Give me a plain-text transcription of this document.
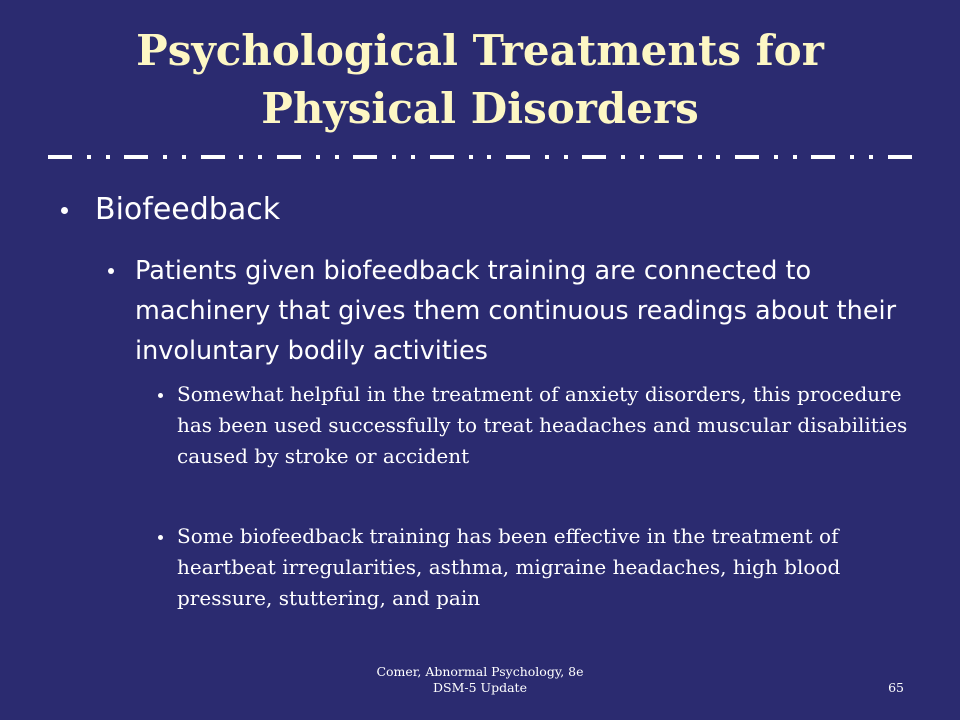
Psychological Treatments for
Physical Disorders
Biofeedback
Patients given biofeedback training are connected to machinery that gives them continuous readings about their involuntary bodily activities
Somewhat helpful in the treatment of anxiety disorders, this procedure has been used successfully to treat headaches and muscular disabilities caused by stroke or accident
Some biofeedback training has been effective in the treatment of heartbeat irregularities, asthma, migraine headaches, high blood pressure, stuttering, and pain
Comer, Abnormal Psychology, 8e
DSM-5 Update	65
